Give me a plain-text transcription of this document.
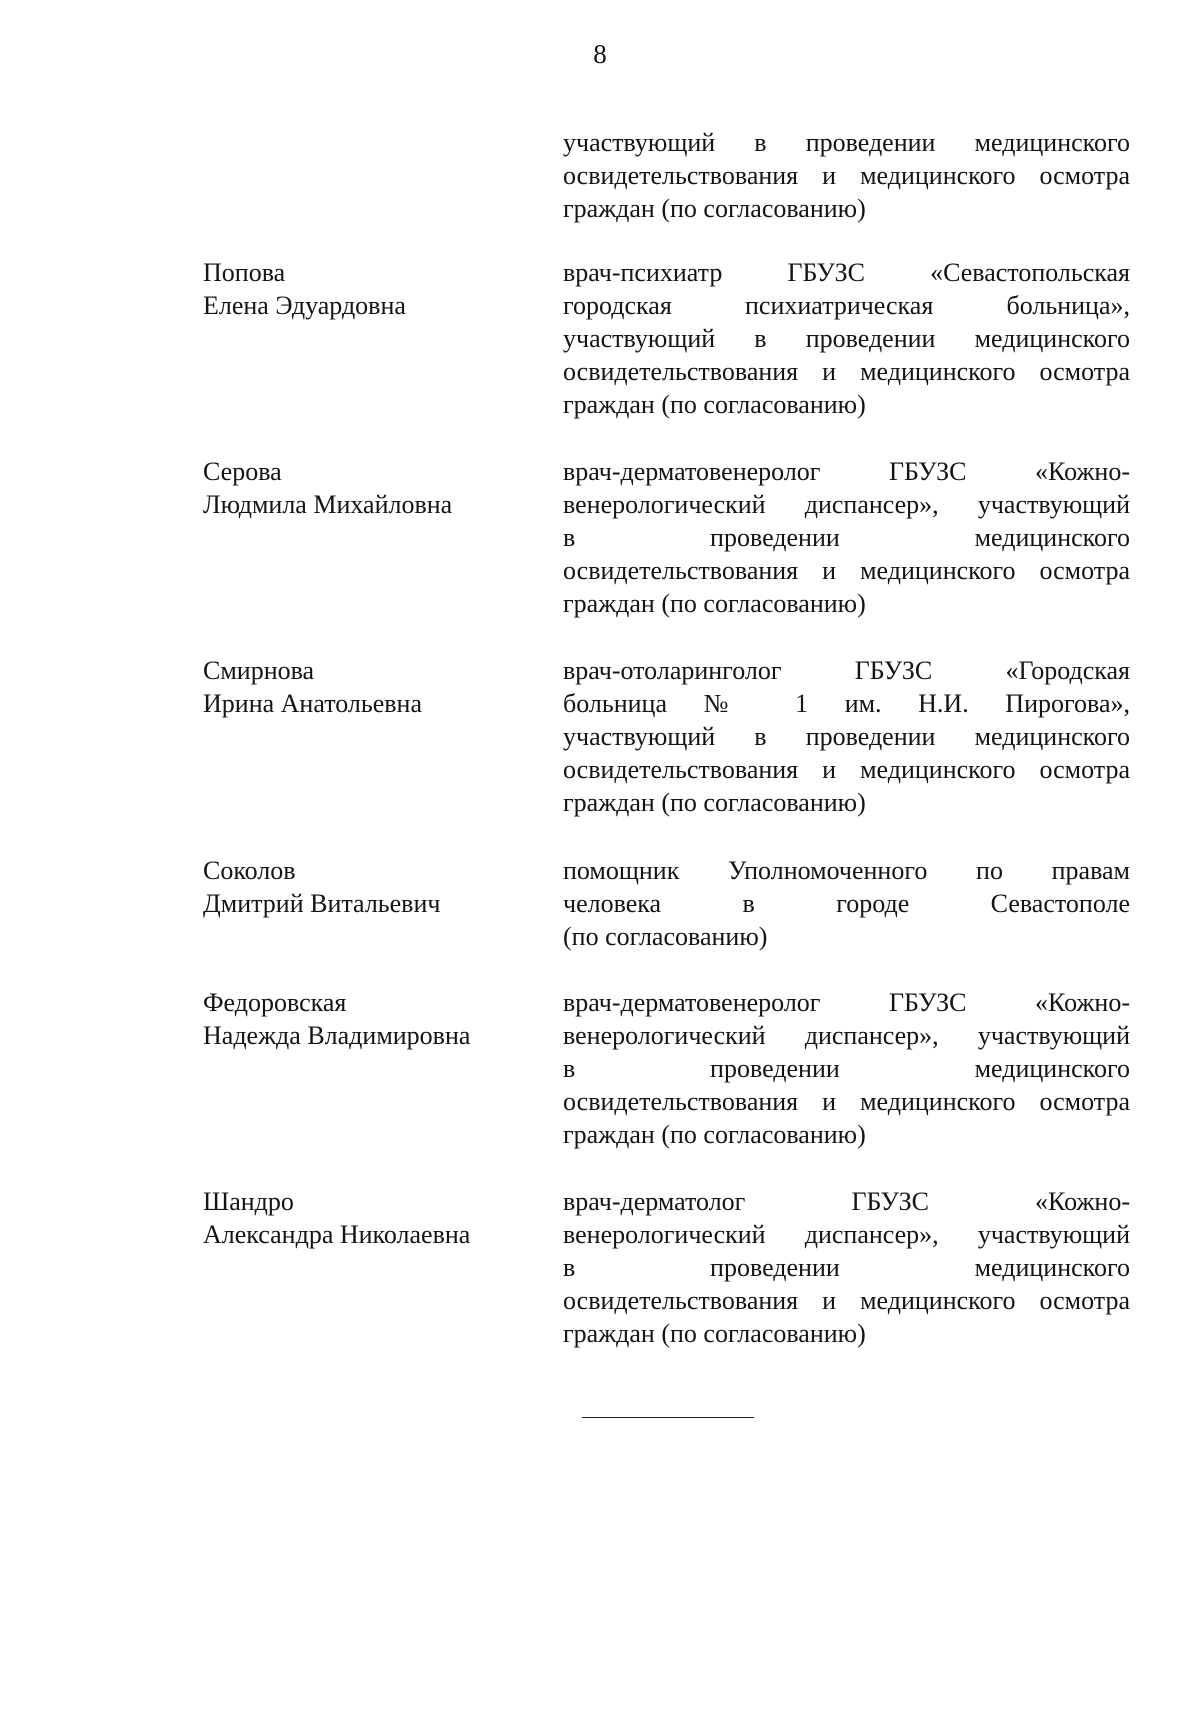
8
участвующий в проведении медицинского
освидетельствования и медицинского осмотра
граждан (по согласованию)
Попова
Елена Эдуардовна
врач-психиатр ГБУЗС «Севастопольская
городская психиатрическая больница»,
участвующий в проведении медицинского
освидетельствования и медицинского осмотра
граждан (по согласованию)
Серова
Людмила Михайловна
врач-дерматовенеролог ГБУЗС «Кожно-
венерологический диспансер», участвующий
в проведении медицинского
освидетельствования и медицинского осмотра
граждан (по согласованию)
Смирнова
Ирина Анатольевна
врач-отоларинголог ГБУЗС «Городская
больница № 1 им. Н.И. Пирогова»,
участвующий в проведении медицинского
освидетельствования и медицинского осмотра
граждан (по согласованию)
Соколов
Дмитрий Витальевич
помощник Уполномоченного по правам
человека в городе Севастополе
(по согласованию)
Федоровская
Надежда Владимировна
врач-дерматовенеролог ГБУЗС «Кожно-
венерологический диспансер», участвующий
в проведении медицинского
освидетельствования и медицинского осмотра
граждан (по согласованию)
Шандро
Александра Николаевна
врач-дерматолог ГБУЗС «Кожно-
венерологический диспансер», участвующий
в проведении медицинского
освидетельствования и медицинского осмотра
граждан (по согласованию)
